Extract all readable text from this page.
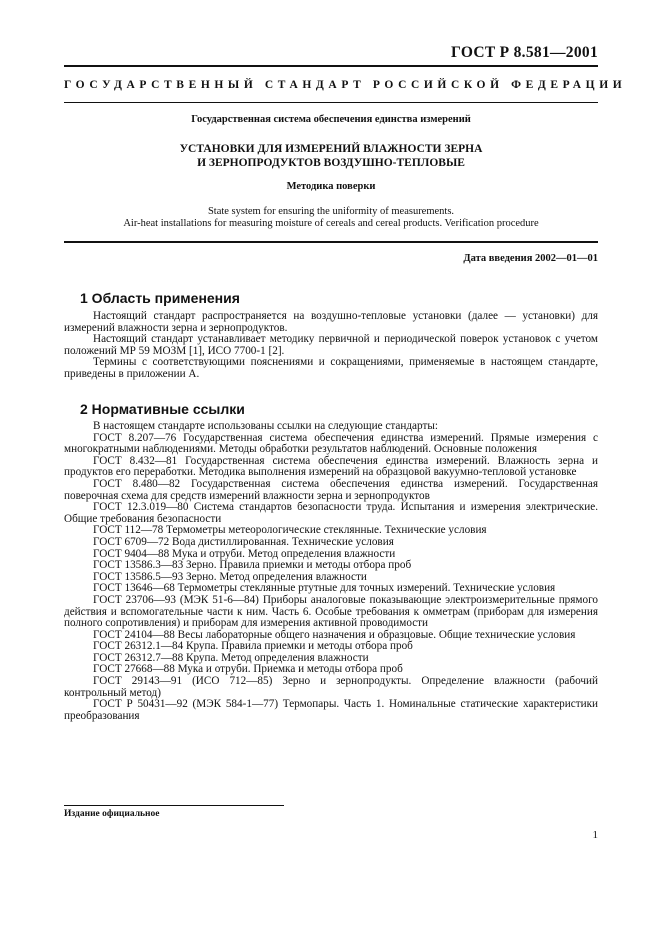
ГОСТ Р 8.581—2001
ГОСУДАРСТВЕННЫЙ СТАНДАРТ РОССИЙСКОЙ ФЕДЕРАЦИИ
Государственная система обеспечения единства измерений
УСТАНОВКИ ДЛЯ ИЗМЕРЕНИЙ ВЛАЖНОСТИ ЗЕРНА
И ЗЕРНОПРОДУКТОВ ВОЗДУШНО-ТЕПЛОВЫЕ
Методика поверки
State system for ensuring the uniformity of measurements.
Air-heat installations for measuring moisture of cereals and cereal products. Verification procedure
Дата введения 2002—01—01
1 Область применения
Настоящий стандарт распространяется на воздушно-тепловые установки (далее — установки) для измерений влажности зерна и зернопродуктов.
Настоящий стандарт устанавливает методику первичной и периодической поверок установок с учетом положений МР 59 МОЗМ [1], ИСО 7700-1 [2].
Термины с соответствующими пояснениями и сокращениями, применяемые в настоящем стандарте, приведены в приложении А.
2 Нормативные ссылки
В настоящем стандарте использованы ссылки на следующие стандарты:
ГОСТ 8.207—76 Государственная система обеспечения единства измерений. Прямые измерения с многократными наблюдениями. Методы обработки результатов наблюдений. Основные положения
ГОСТ 8.432—81 Государственная система обеспечения единства измерений. Влажность зерна и продуктов его переработки. Методика выполнения измерений на образцовой вакуумно-тепловой установке
ГОСТ 8.480—82 Государственная система обеспечения единства измерений. Государственная поверочная схема для средств измерений влажности зерна и зернопродуктов
ГОСТ 12.3.019—80 Система стандартов безопасности труда. Испытания и измерения электрические. Общие требования безопасности
ГОСТ 112—78 Термометры метеорологические стеклянные. Технические условия
ГОСТ 6709—72 Вода дистиллированная. Технические условия
ГОСТ 9404—88 Мука и отруби. Метод определения влажности
ГОСТ 13586.3—83 Зерно. Правила приемки и методы отбора проб
ГОСТ 13586.5—93 Зерно. Метод определения влажности
ГОСТ 13646—68 Термометры стеклянные ртутные для точных измерений. Технические условия
ГОСТ 23706—93 (МЭК 51-6—84) Приборы аналоговые показывающие электроизмерительные прямого действия и вспомогательные части к ним. Часть 6. Особые требования к омметрам (приборам для измерения полного сопротивления) и приборам для измерения активной проводимости
ГОСТ 24104—88 Весы лабораторные общего назначения и образцовые. Общие технические условия
ГОСТ 26312.1—84 Крупа. Правила приемки и методы отбора проб
ГОСТ 26312.7—88 Крупа. Метод определения влажности
ГОСТ 27668—88 Мука и отруби. Приемка и методы отбора проб
ГОСТ 29143—91 (ИСО 712—85) Зерно и зернопродукты. Определение влажности (рабочий контрольный метод)
ГОСТ Р 50431—92 (МЭК 584-1—77) Термопары. Часть 1. Номинальные статические характеристики преобразования
Издание официальное
1
